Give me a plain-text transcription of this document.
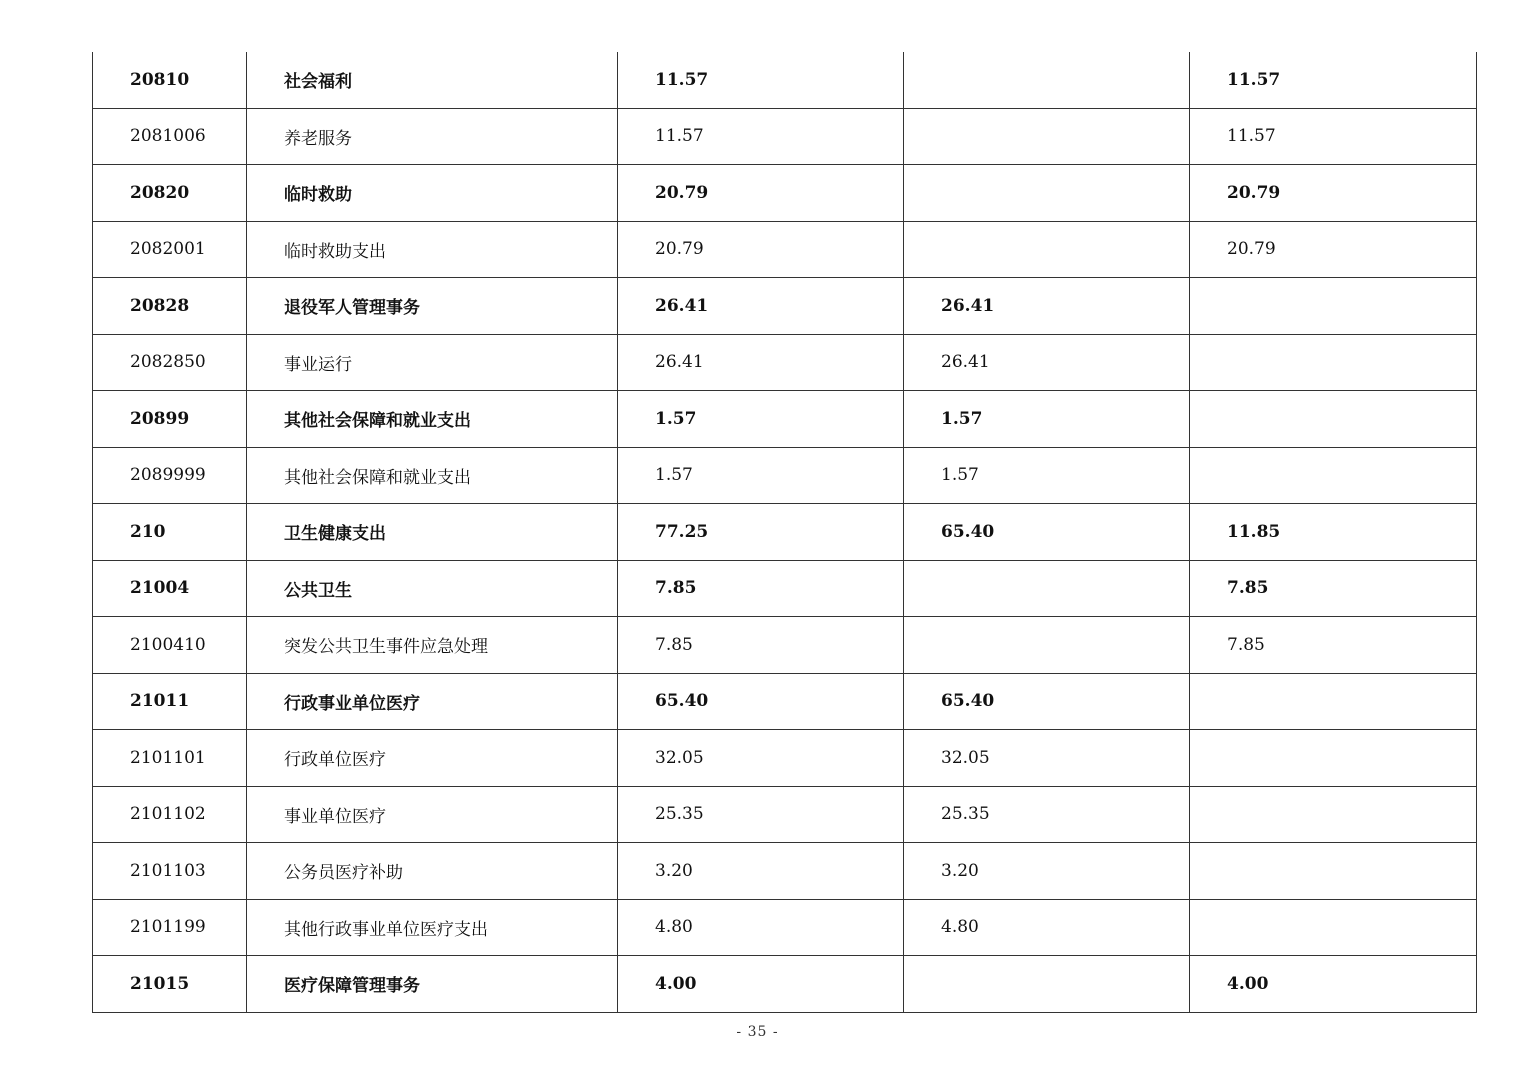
20810	社会福利	11.57		11.57
2081006	养老服务	11.57		11.57
20820	临时救助	20.79		20.79
2082001	临时救助支出	20.79		20.79
20828	退役军人管理事务	26.41	26.41	
2082850	事业运行	26.41	26.41	
20899	其他社会保障和就业支出	1.57	1.57	
2089999	其他社会保障和就业支出	1.57	1.57	
210	卫生健康支出	77.25	65.40	11.85
21004	公共卫生	7.85		7.85
2100410	突发公共卫生事件应急处理	7.85		7.85
21011	行政事业单位医疗	65.40	65.40	
2101101	行政单位医疗	32.05	32.05	
2101102	事业单位医疗	25.35	25.35	
2101103	公务员医疗补助	3.20	3.20	
2101199	其他行政事业单位医疗支出	4.80	4.80	
21015	医疗保障管理事务	4.00		4.00
- 35 -
